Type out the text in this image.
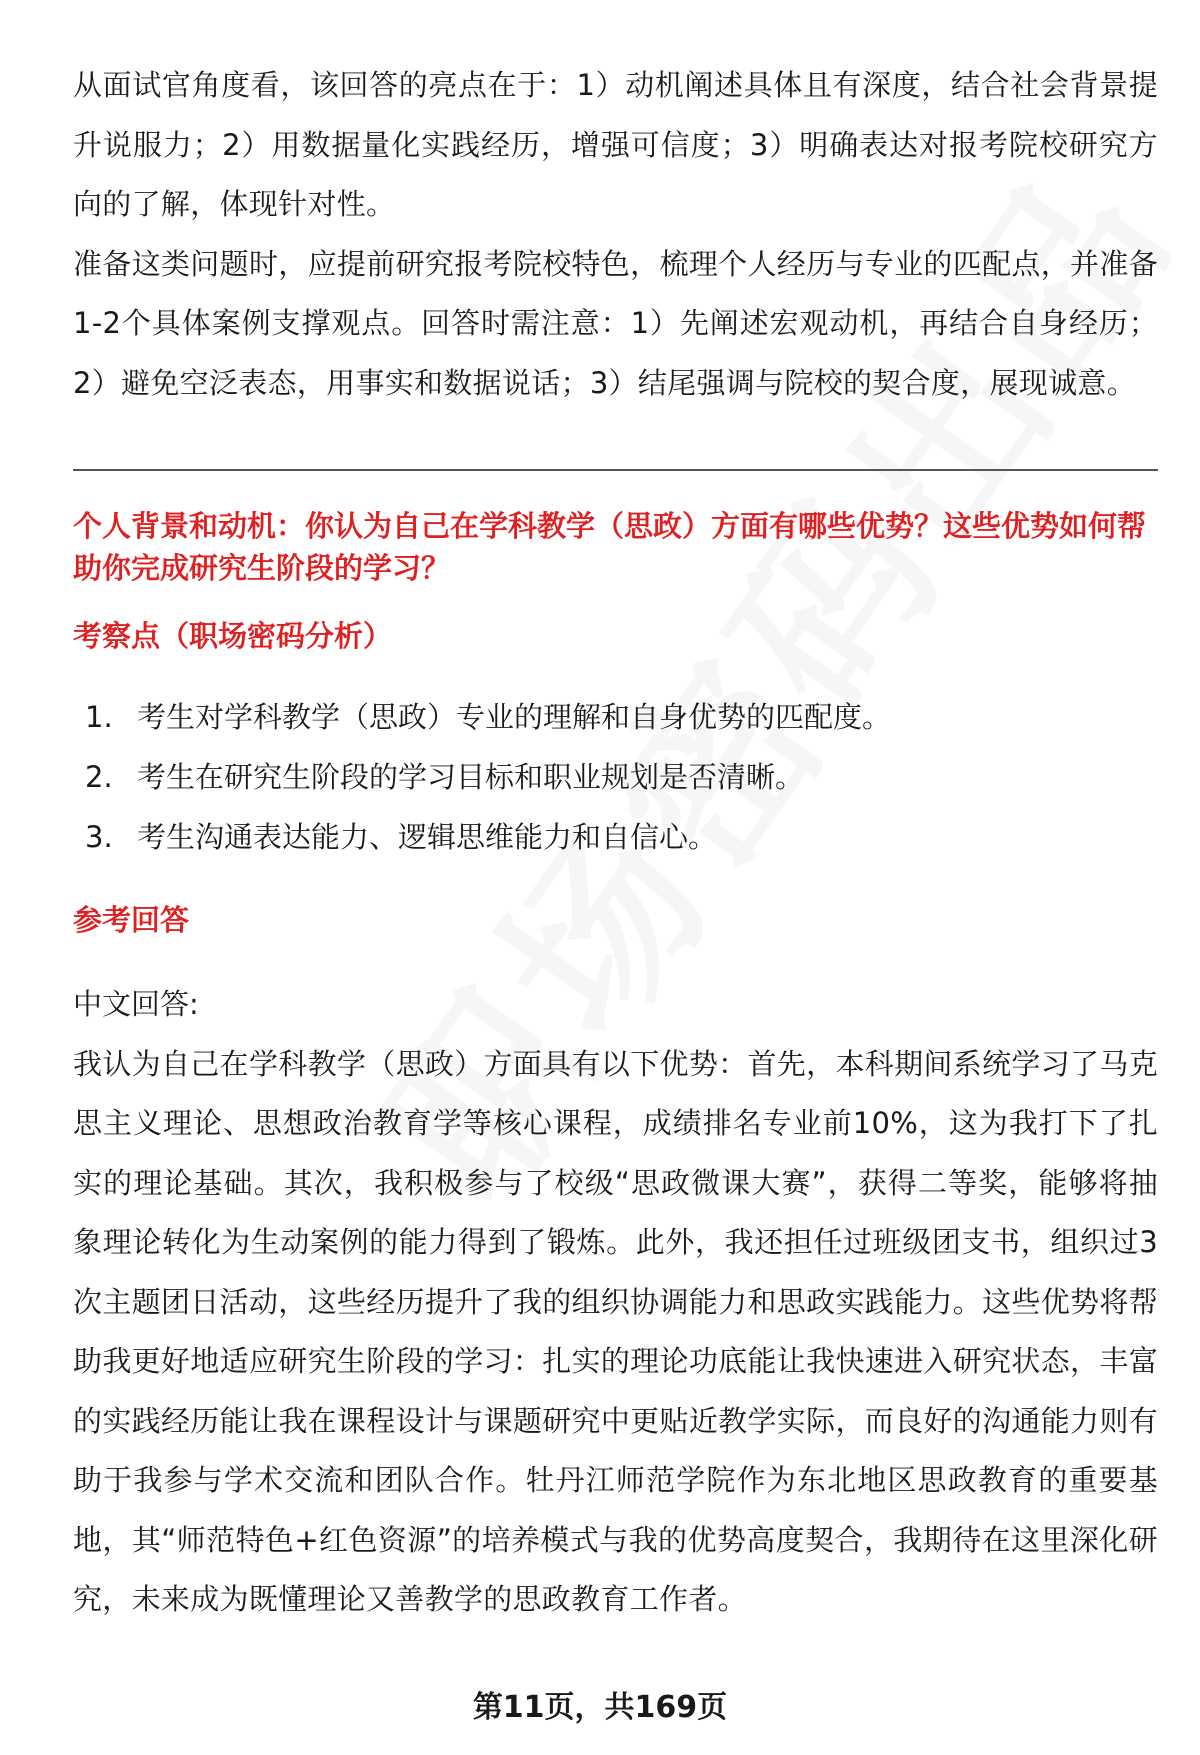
从面试官角度看，该回答的亮点在于：1）动机阐述具体且有深度，结合社会背景提升说服力；2）用数据量化实践经历，增强可信度；3）明确表达对报考院校研究方向的了解，体现针对性。

准备这类问题时，应提前研究报考院校特色，梳理个人经历与专业的匹配点，并准备1-2个具体案例支撑观点。回答时需注意：1）先阐述宏观动机，再结合自身经历；2）避免空泛表态，用事实和数据说话；3）结尾强调与院校的契合度，展现诚意。

个人背景和动机：你认为自己在学科教学（思政）方面有哪些优势？这些优势如何帮助你完成研究生阶段的学习？

考察点（职场密码分析）

1. 考生对学科教学（思政）专业的理解和自身优势的匹配度。
2. 考生在研究生阶段的学习目标和职业规划是否清晰。
3. 考生沟通表达能力、逻辑思维能力和自信心。

参考回答

中文回答:

我认为自己在学科教学（思政）方面具有以下优势：首先，本科期间系统学习了马克思主义理论、思想政治教育学等核心课程，成绩排名专业前10%，这为我打下了扎实的理论基础。其次，我积极参与了校级“思政微课大赛”，获得二等奖，能够将抽象理论转化为生动案例的能力得到了锻炼。此外，我还担任过班级团支书，组织过3次主题团日活动，这些经历提升了我的组织协调能力和思政实践能力。这些优势将帮助我更好地适应研究生阶段的学习：扎实的理论功底能让我快速进入研究状态，丰富的实践经历能让我在课程设计与课题研究中更贴近教学实际，而良好的沟通能力则有助于我参与学术交流和团队合作。牡丹江师范学院作为东北地区思政教育的重要基地，其“师范特色+红色资源”的培养模式与我的优势高度契合，我期待在这里深化研究，未来成为既懂理论又善教学的思政教育工作者。

第11页，共169页
